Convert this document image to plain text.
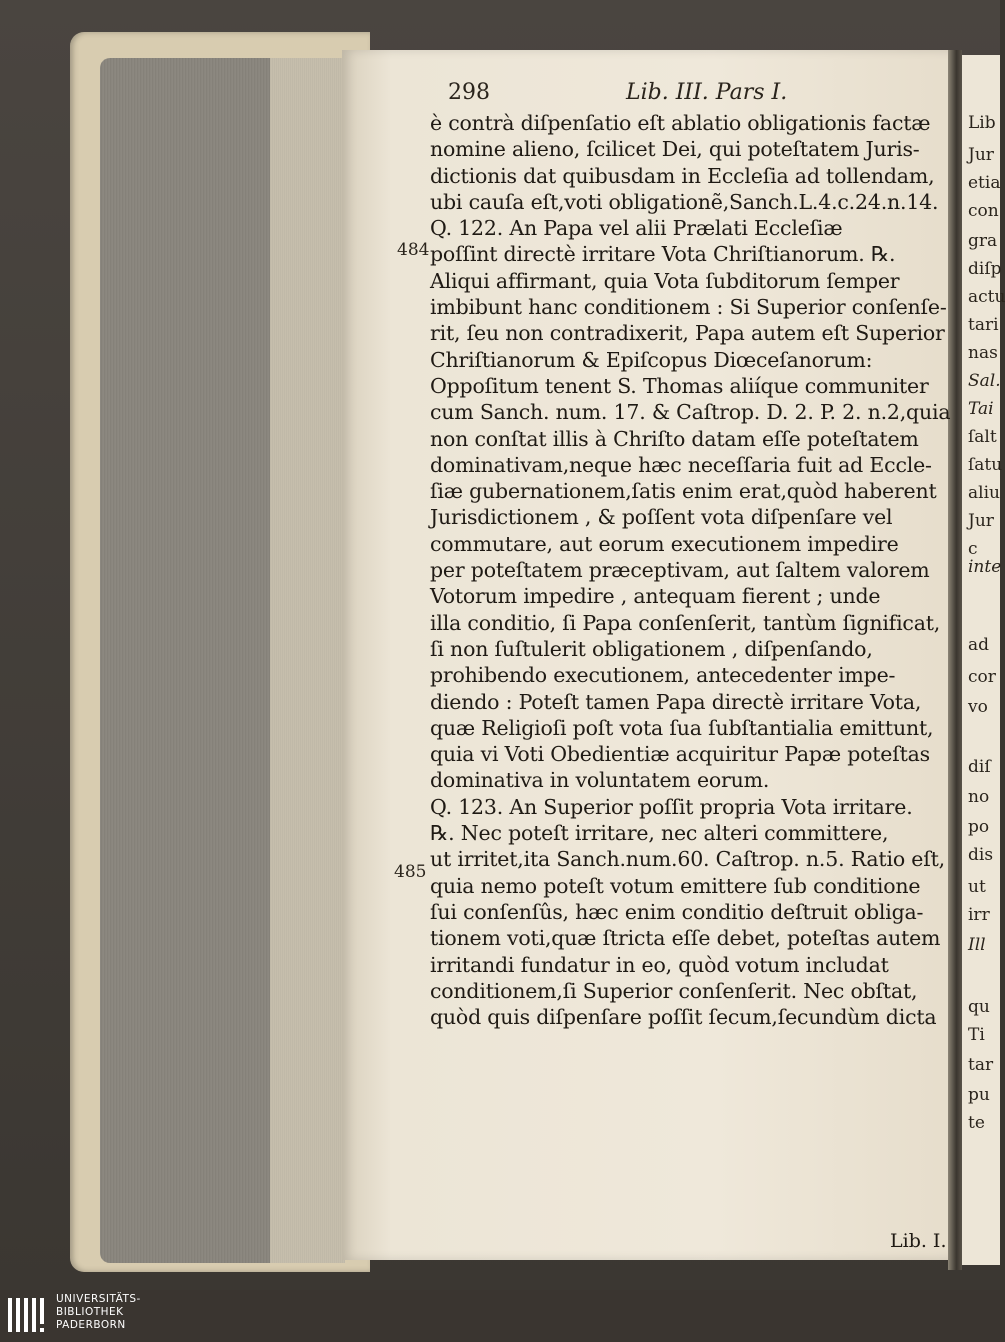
Lib
Jur
etia
con
gra
diſp
actu
tari
nas
Sal.
Tai
ſalt
ſatu
aliu
Jur
c
inte
ad
cor
vo
diſ
no
po
dis
ut
irr
Ill
qu
Ti
tar
pu
te
298	Lib. III. Pars I.
484
485
è contrà diſpenſatio eſt ablatio obligationis factæ
nomine alieno, ſcilicet Dei, qui poteſtatem Juris-
dictionis dat quibusdam in Eccleſia ad tollendam,
ubi cauſa eſt,voti obligationẽ,Sanch.L.4.c.24.n.14.
Q. 122. An Papa vel alii Prælati Eccleſiæ
poſſint directè irritare Vota Chriſtianorum. ℞.
Aliqui affirmant, quia Vota ſubditorum ſemper
imbibunt hanc conditionem : Si Superior conſenſe-
rit, ſeu non contradixerit, Papa autem eſt Superior
Chriſtianorum & Epiſcopus Diœceſanorum:
Oppoſitum tenent S. Thomas aliíque communiter
cum Sanch. num. 17. & Caſtrop. D. 2. P. 2. n.2,quia
non conſtat illis à Chriſto datam eſſe poteſtatem
dominativam,neque hæc neceſſaria fuit ad Eccle-
ſiæ gubernationem,ſatis enim erat,quòd haberent
Jurisdictionem , & poſſent vota diſpenſare vel
commutare, aut eorum executionem impedire
per poteſtatem præceptivam, aut ſaltem valorem
Votorum impedire , antequam fierent ; unde
illa conditio, ſi Papa conſenſerit, tantùm ſignificat,
ſi non ſuſtulerit obligationem , diſpenſando,
prohibendo executionem, antecedenter impe-
diendo : Poteſt tamen Papa directè irritare Vota,
quæ Religioſi poſt vota ſua ſubſtantialia emittunt,
quia vi Voti Obedientiæ acquiritur Papæ poteſtas
dominativa in voluntatem eorum.
Q. 123. An Superior poſſit propria Vota irritare.
℞. Nec poteſt irritare, nec alteri committere,
ut irritet,ita Sanch.num.60. Caſtrop. n.5. Ratio eſt,
quia nemo poteſt votum emittere ſub conditione
ſui conſenſûs, hæc enim conditio deſtruit obliga-
tionem voti,quæ ſtricta eſſe debet, poteſtas autem
irritandi fundatur in eo, quòd votum includat
conditionem,ſi Superior conſenſerit. Nec obſtat,
quòd quis diſpenſare poſſit ſecum,ſecundùm dicta
Lib. I.
UNIVERSITÄTS-
BIBLIOTHEK
PADERBORN
